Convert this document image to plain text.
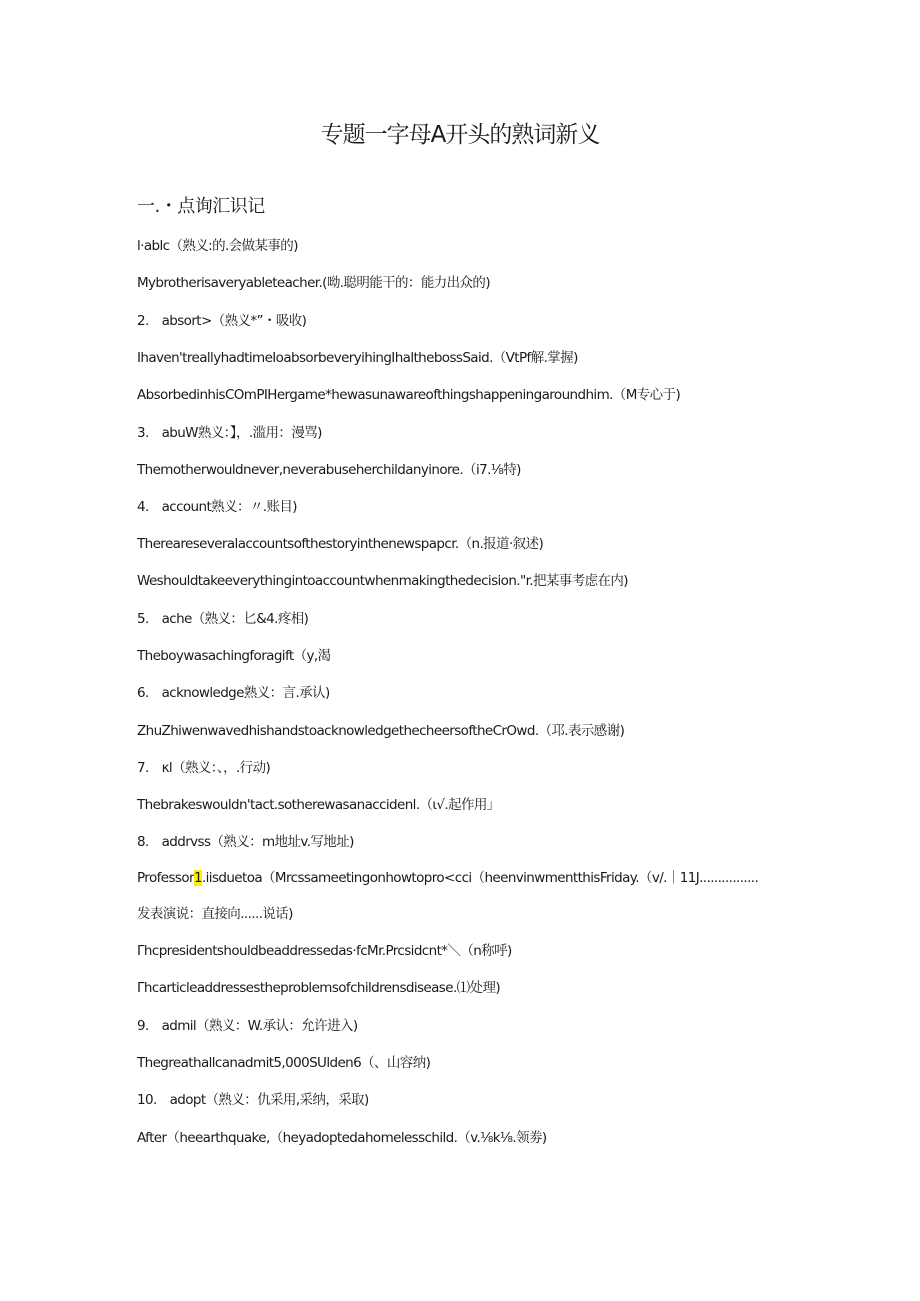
专题一字母A开头的熟词新义
一.・点询汇识记
l·ablc（熟义:的.会做某事的)
Mybrotherisaveryableteacher.(呦.聪明能干的：能力出众的)
2.　absort>（熟义*”・吸收)
Ihaven'treallyhadtimeIoabsorbeveryihingIhalthebossSaid.（VtPf解.掌握)
AbsorbedinhisCOmPIHergame*hewasunawareofthingshappeningaroundhim.（M专心于)
3.　abuW熟义：】，.滥用：漫骂)
Themotherwouldnever,neverabuseherchildanyinore.（i7.⅛特)
4.　account熟义：〃.账目)
Thereareseveralaccountsofthestoryinthenewspapcr.（n.报道·叙述)
Weshouldtakeeverythingintoaccountwhenmakingthedecision."r.把某事考虑在内)
5.　ache（熟义：匕&4.疼相)
Theboywasachingforagift（y,渴
6.　acknowledge熟义：言.承认)
ZhuZhiwenwavedhishandstoacknowledgethecheersoftheCrOwd.（邛.表示感谢)
7.　κl（熟义：、，.行动)
Thebrakeswouldn'tact.sotherewasanaccidenl.（ι√.起作用」
8.　addrvss（熟义：m地址v.写地址)
Professor1.iisduetoa（Mrcssameetingonhowtopro<cci（heenvinwmentthisFriday.（v∕.｜11J................
发表演说：直接向......说话)
Γhcpresidentshouldbeaddressedas·fcMr.Prcsidcnt*＼（n称呼)
Γhcarticleaddressestheproblemsofchildrensdisease.⑴处理)
9.　admil（熟义：W.承认：允许进入)
Thegreathallcanadmit5,000SUlden6（、山容纳)
10.　adopt（熟义：仇采用,采纳，采取)
After（heearthquake,（heyadoptedahomelesschild.（v.⅛k⅛.领劵)
